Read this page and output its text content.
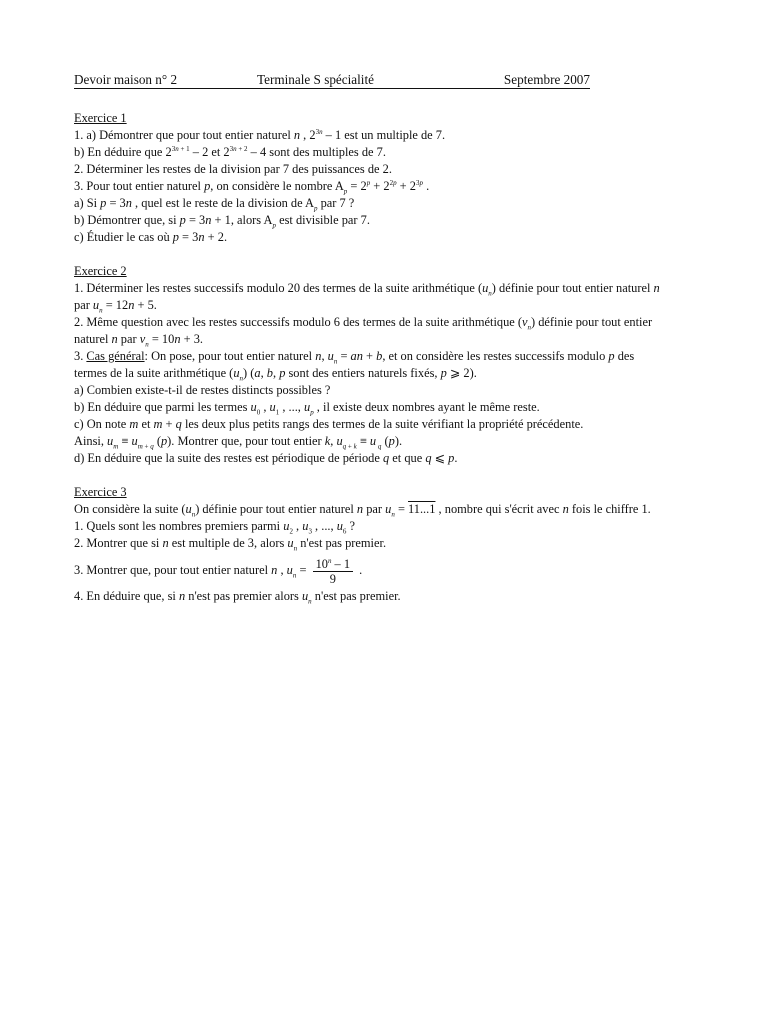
Devoir maison n° 2	Terminale S spécialité	Septembre 2007

Exercice 1

1. a) Démontrer que pour tout entier naturel n , $2^{3n} - 1$ est un multiple de 7.

b) En déduire que $2^{3n + 1} - 2$ et $2^{3n + 2} - 4$ sont des multiples de 7.

2. Déterminer les restes de la division par 7 des puissances de 2.

3. Pour tout entier naturel p, on considère le nombre $A_p = 2^p + 2^{2p} + 2^{3p}$ .

a) Si p = 3n , quel est le reste de la division de $A_p$ par 7 ?

b) Démontrer que, si p = 3n + 1, alors $A_p$ est divisible par 7.

c) Étudier le cas où p = 3n + 2.

Exercice 2

1. Déterminer les restes successifs modulo 20 des termes de la suite arithmétique $(u_n)$ définie pour tout entier naturel n

par $u_n = 12n + 5$.

2. Même question avec les restes successifs modulo 6 des termes de la suite arithmétique $(v_n)$ définie pour tout entier

naturel n par $v_n = 10n + 3$.

3. Cas général: On pose, pour tout entier naturel n, $u_n$ = an + b, et on considère les restes successifs modulo p des

termes de la suite arithmétique $(u_n)$ (a, b, p sont des entiers naturels fixés, p ⩾ 2).

a) Combien existe-t-il de restes distincts possibles ?

b) En déduire que parmi les termes $u_0$ , $u_1$ , ..., $u_p$ , il existe deux nombres ayant le même reste.

c) On note m et m + q les deux plus petits rangs des termes de la suite vérifiant la propriété précédente.

Ainsi, $u_m \equiv u_{m + q}$ (p). Montrer que, pour tout entier k, $u_{q + k} \equiv u$ $_q$ (p).

d) En déduire que la suite des restes est périodique de période q et que q ⩽ p.

Exercice 3

On considère la suite $(u_n)$ définie pour tout entier naturel n par $u_n = 11...1$ , nombre qui s'écrit avec n fois le chiffre 1.

1. Quels sont les nombres premiers parmi $u_2$ , $u_3$ , ..., $u_6$ ?

2. Montrer que si n est multiple de 3, alors $u_n$ n'est pas premier.

3. Montrer que, pour tout entier naturel n , $u_n = \frac{10^n - 1}{9}$ .

4. En déduire que, si n n'est pas premier alors $u_n$ n'est pas premier.
